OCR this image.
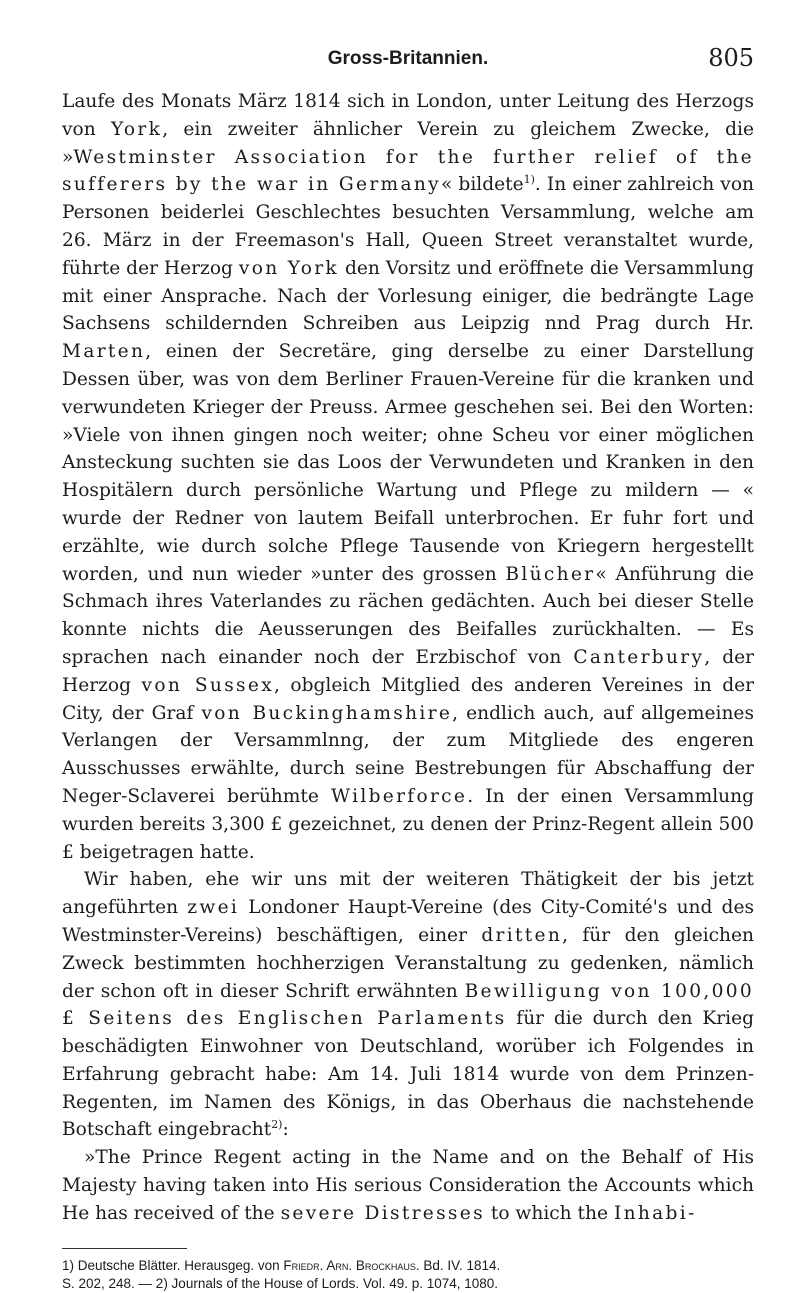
Gross-Britannien.	805

Laufe des Monats März 1814 sich in London, unter Leitung des Herzogs von York, ein zweiter ähnlicher Verein zu gleichem Zwecke, die »Westminster Association for the further relief of the sufferers by the war in Germany« bildete$^{1)}$. In einer zahlreich von Personen beiderlei Geschlechtes besuchten Versammlung, welche am 26. März in der Freemason's Hall, Queen Street veranstaltet wurde, führte der Herzog von York den Vorsitz und eröffnete die Versammlung mit einer Ansprache. Nach der Vorlesung einiger, die bedrängte Lage Sachsens schildernden Schreiben aus Leipzig nnd Prag durch Hr. Marten, einen der Secretäre, ging derselbe zu einer Darstellung Dessen über, was von dem Berliner Frauen-Vereine für die kranken und verwundeten Krieger der Preuss. Armee geschehen sei. Bei den Worten: »Viele von ihnen gingen noch weiter; ohne Scheu vor einer möglichen Ansteckung suchten sie das Loos der Verwundeten und Kranken in den Hospitälern durch persönliche Wartung und Pflege zu mildern — « wurde der Redner von lautem Beifall unterbrochen. Er fuhr fort und erzählte, wie durch solche Pflege Tausende von Kriegern hergestellt worden, und nun wieder »unter des grossen Blücher« Anführung die Schmach ihres Vaterlandes zu rächen gedächten. Auch bei dieser Stelle konnte nichts die Aeusserungen des Beifalles zurückhalten. — Es sprachen nach einander noch der Erzbischof von Canterbury, der Herzog von Sussex, obgleich Mitglied des anderen Vereines in der City, der Graf von Buckinghamshire, endlich auch, auf allgemeines Verlangen der Versammlnng, der zum Mitgliede des engeren Ausschusses erwählte, durch seine Bestrebungen für Abschaffung der Neger-Sclaverei berühmte Wilberforce. In der einen Versammlung wurden bereits 3,300 £ gezeichnet, zu denen der Prinz-Regent allein 500 £ beigetragen hatte.

Wir haben, ehe wir uns mit der weiteren Thätigkeit der bis jetzt angeführten zwei Londoner Haupt-Vereine (des City-Comité's und des Westminster-Vereins) beschäftigen, einer dritten, für den gleichen Zweck bestimmten hochherzigen Veranstaltung zu gedenken, nämlich der schon oft in dieser Schrift erwähnten Bewilligung von 100,000 £ Seitens des Englischen Parlaments für die durch den Krieg beschädigten Einwohner von Deutschland, worüber ich Folgendes in Erfahrung gebracht habe: Am 14. Juli 1814 wurde von dem Prinzen-Regenten, im Namen des Königs, in das Oberhaus die nachstehende Botschaft eingebracht$^{2)}$:

»The Prince Regent acting in the Name and on the Behalf of His Majesty having taken into His serious Consideration the Accounts which He has received of the severe Distresses to which the Inhabi-

1) Deutsche Blätter. Herausgeg. von Friedr. Arn. Brockhaus. Bd. IV. 1814.
S. 202, 248. — 2) Journals of the House of Lords. Vol. 49. p. 1074, 1080.
